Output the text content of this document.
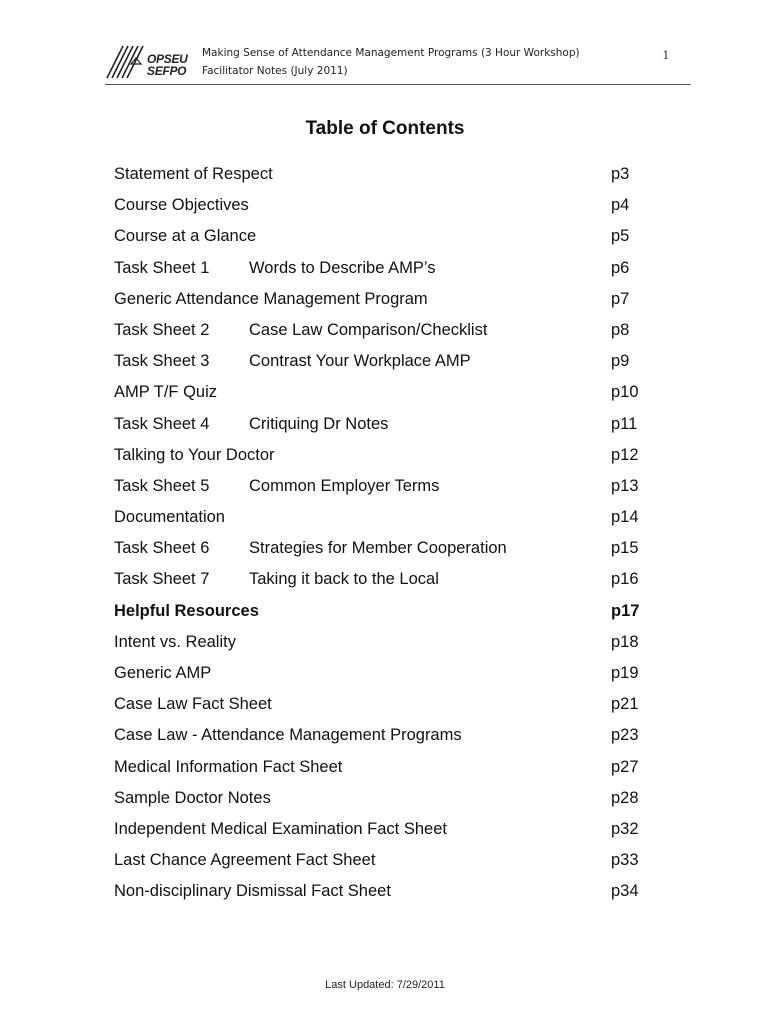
OPSEU
SEFPO
Making Sense of Attendance Management Programs (3 Hour Workshop)
Facilitator Notes (July 2011)
1
Table of Contents
Statement of Respect	p3
Course Objectives	p4
Course at a Glance	p5
Task Sheet 1 Words to Describe AMP’s	p6
Generic Attendance Management Program	p7
Task Sheet 2 Case Law Comparison/Checklist	p8
Task Sheet 3 Contrast Your Workplace AMP	p9
AMP T/F Quiz	p10
Task Sheet 4 Critiquing Dr Notes	p11
Talking to Your Doctor	p12
Task Sheet 5 Common Employer Terms	p13
Documentation	p14
Task Sheet 6 Strategies for Member Cooperation	p15
Task Sheet 7 Taking it back to the Local	p16
Helpful Resources	p17
Intent vs. Reality	p18
Generic AMP	p19
Case Law Fact Sheet	p21
Case Law - Attendance Management Programs	p23
Medical Information Fact Sheet	p27
Sample Doctor Notes	p28
Independent Medical Examination Fact Sheet	p32
Last Chance Agreement Fact Sheet	p33
Non-disciplinary Dismissal Fact Sheet	p34
Last Updated: 7/29/2011
